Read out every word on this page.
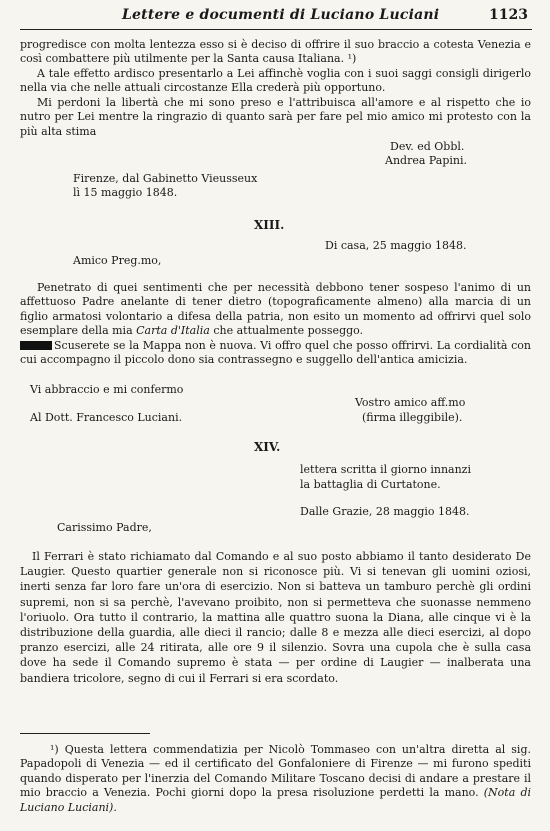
Lettere e documenti di Luciano Luciani	1123
progredisce con molta lentezza esso si è deciso di offrire il suo braccio a cotesta Venezia e così combattere più utilmente per la Santa causa Italiana. ¹)
A tale effetto ardisco presentarlo a Lei affinchè voglia con i suoi saggi consigli dirigerlo nella via che nelle attuali circostanze Ella crederà più opportuno.
Mi perdoni la libertà che mi sono preso e l'attribuisca all'amore e al rispetto che io nutro per Lei mentre la ringrazio di quanto sarà per fare pel mio amico mi protesto con la più alta stima
Dev. ed Obbl.
Andrea Papini.
Firenze, dal Gabinetto Vieusseux
lì 15 maggio 1848.
XIII.
Di casa, 25 maggio 1848.
Amico Preg.mo,
Penetrato di quei sentimenti che per necessità debbono tener sospeso l'animo di un affettuoso Padre anelante di tener dietro (topograficamente almeno) alla marcia di un figlio armatosi volontario a difesa della patria, non esito un momento ad offrirvi quel solo esemplare della mia Carta d'Italia che attualmente posseggo.
Scuserete se la Mappa non è nuova. Vi offro quel che posso offrirvi. La cordialità con cui accompagno il piccolo dono sia contrassegno e suggello dell'antica amicizia.
Vi abbraccio e mi confermo
Vostro amico aff.mo
Al Dott. Francesco Luciani.	(firma illeggibile).
XIV.
lettera scritta il giorno innanzi
la battaglia di Curtatone.
Dalle Grazie, 28 maggio 1848.
Carissimo Padre,
Il Ferrari è stato richiamato dal Comando e al suo posto abbiamo il tanto desiderato De Laugier. Questo quartier generale non si riconosce più. Vi si tenevan gli uomini oziosi, inerti senza far loro fare un'ora di esercizio. Non si batteva un tamburo perchè gli ordini supremi, non si sa perchè, l'avevano proibito, non si permetteva che suonasse nemmeno l'oriuolo. Ora tutto il contrario, la mattina alle quattro suona la Diana, alle cinque vi è la distribuzione della guardia, alle dieci il rancio; dalle 8 e mezza alle dieci esercizi, al dopo pranzo esercizi, alle 24 ritirata, alle ore 9 il silenzio. Sovra una cupola che è sulla casa dove ha sede il Comando supremo è stata — per ordine di Laugier — inalberata una bandiera tricolore, segno di cui il Ferrari si era scordato.
¹) Questa lettera commendatizia per Nicolò Tommaseo con un'altra diretta al sig. Papadopoli di Venezia — ed il certificato del Gonfaloniere di Firenze — mi furono spediti quando disperato per l'inerzia del Comando Militare Toscano decisi di andare a prestare il mio braccio a Venezia. Pochi giorni dopo la presa risoluzione perdetti la mano. (Nota di Luciano Luciani).
